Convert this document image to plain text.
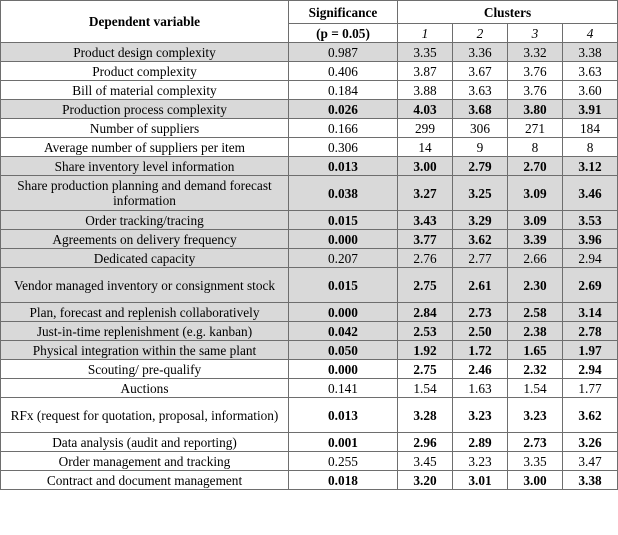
Dependent variable	Significance	Clusters			
	(p = 0.05)	1	2	3	4
Product design complexity	0.987	3.35	3.36	3.32	3.38
Product complexity	0.406	3.87	3.67	3.76	3.63
Bill of material complexity	0.184	3.88	3.63	3.76	3.60
Production process complexity	0.026	4.03	3.68	3.80	3.91
Number of suppliers	0.166	299	306	271	184
Average number of suppliers per item	0.306	14	9	8	8
Share inventory level information	0.013	3.00	2.79	2.70	3.12
Share production planning and demand forecast information	0.038	3.27	3.25	3.09	3.46
Order tracking/tracing	0.015	3.43	3.29	3.09	3.53
Agreements on delivery frequency	0.000	3.77	3.62	3.39	3.96
Dedicated capacity	0.207	2.76	2.77	2.66	2.94
Vendor managed inventory or consignment stock	0.015	2.75	2.61	2.30	2.69
Plan, forecast and replenish collaboratively	0.000	2.84	2.73	2.58	3.14
Just-in-time replenishment (e.g. kanban)	0.042	2.53	2.50	2.38	2.78
Physical integration within the same plant	0.050	1.92	1.72	1.65	1.97
Scouting/ pre-qualify	0.000	2.75	2.46	2.32	2.94
Auctions	0.141	1.54	1.63	1.54	1.77
RFx (request for quotation, proposal, information)	0.013	3.28	3.23	3.23	3.62
Data analysis (audit and reporting)	0.001	2.96	2.89	2.73	3.26
Order management and tracking	0.255	3.45	3.23	3.35	3.47
Contract and document management	0.018	3.20	3.01	3.00	3.38
